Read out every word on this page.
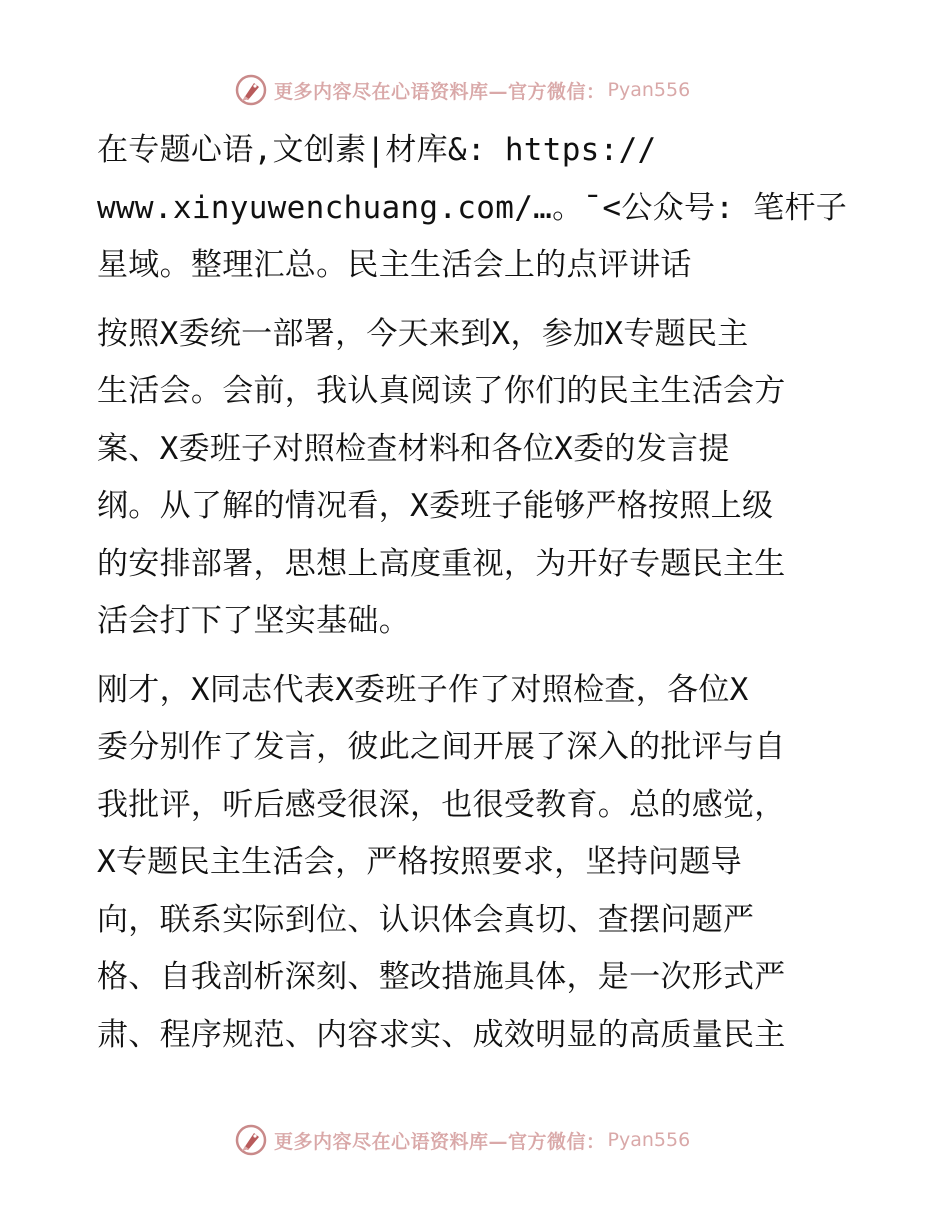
更多内容尽在心语资料库—官方微信： Pyan556

在专题心语,文创素|材库&: https://
www.xinyuwenchuang.com/…。¯<公众号: 笔杆子
星域。整理汇总。民主生活会上的点评讲话

按照X委统一部署，今天来到X，参加X专题民主
生活会。会前，我认真阅读了你们的民主生活会方
案、X委班子对照检查材料和各位X委的发言提
纲。从了解的情况看，X委班子能够严格按照上级
的安排部署，思想上高度重视，为开好专题民主生
活会打下了坚实基础。

刚才，X同志代表X委班子作了对照检查，各位X
委分别作了发言，彼此之间开展了深入的批评与自
我批评，听后感受很深，也很受教育。总的感觉，
X专题民主生活会，严格按照要求，坚持问题导
向，联系实际到位、认识体会真切、查摆问题严
格、自我剖析深刻、整改措施具体，是一次形式严
肃、程序规范、内容求实、成效明显的高质量民主

更多内容尽在心语资料库—官方微信： Pyan556
